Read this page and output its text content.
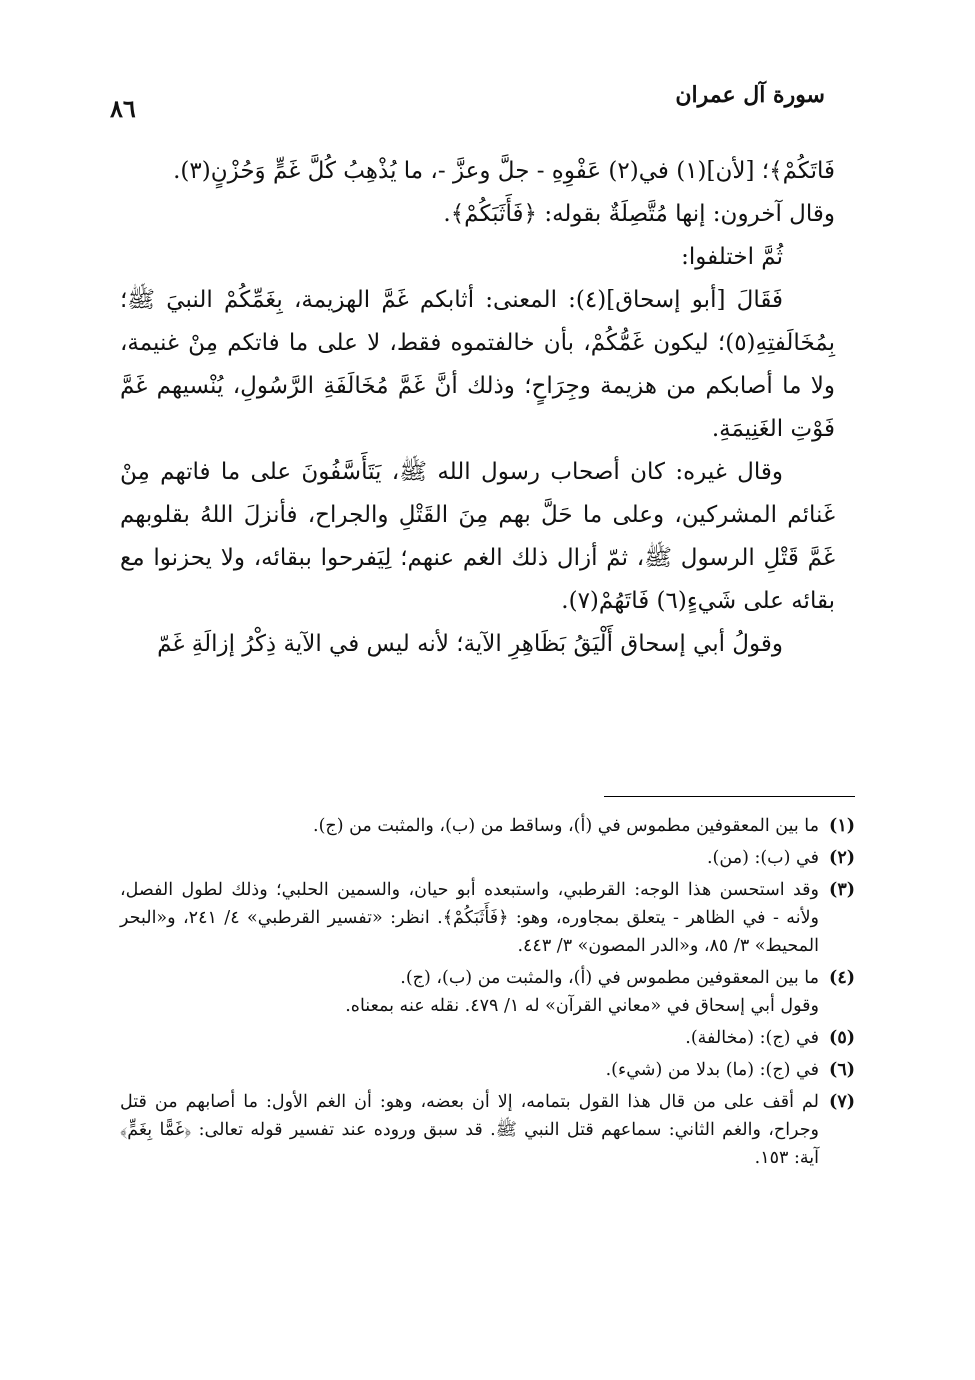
سورة آل عمران
٨٦

فَاتَكُمْ﴾؛ [لأن](١) في(٢) عَفْوِهِ - جلَّ وعزَّ -، ما يُذْهِبُ كُلَّ غَمٍّ وَحُزْنٍ(٣).

وقال آخرون: إنها مُتَّصِلَةٌ بقوله: ﴿فَأَثَبَكُمْ﴾.

ثُمَّ اختلفوا:

فَقَالَ [أبو إسحاق](٤): المعنى: أثابكم غَمَّ الهزيمة، بِغَمِّكُمْ النبيَ ﷺ؛ بِمُخَالَفتِهِ(٥)؛ ليكون غَمُّكُمْ، بأن خالفتموه فقط، لا على ما فاتكم مِنْ غنيمة، ولا ما أصابكم من هزيمة وجِرَاحٍ؛ وذلك أنَّ غَمَّ مُخَالَفَةِ الرَّسُولِ، يُنْسيهم غَمَّ فَوْتِ الغَنِيمَةِ.

وقال غيره: كان أصحاب رسول الله ﷺ، يَتَأَسَّفُونَ على ما فاتهم مِنْ غَنائم المشركين، وعلى ما حَلَّ بهم مِنَ القَتْلِ والجراح، فأنزلَ اللهُ بقلوبهم غَمَّ قَتْلِ الرسول ﷺ، ثمّ أزال ذلك الغم عنهم؛ لِيَفرحوا ببقائه، ولا يحزنوا مع بقائه على شَيءٍ(٦) فَاتَهُمْ(٧).

وقولُ أبي إسحاق أَلْيَقُ بَظَاهِرِ الآية؛ لأنه ليس في الآية ذِكْرُ إزالَةِ غَمّ

(١)
ما بين المعقوفين مطموس في (أ)، وساقط من (ب)، والمثبت من (ج).
(٢)
في (ب): (من).
(٣)
وقد استحسن هذا الوجه: القرطبي، واستبعده أبو حيان، والسمين الحلبي؛ وذلك لطول الفصل، ولأنه - في الظاهر - يتعلق بمجاوره، وهو: ﴿فَأَثَبَكُمْ﴾. انظر: «تفسير القرطبي» ٤/ ٢٤١، و«البحر المحيط» ٣/ ٨٥، و«الدر المصون» ٣/ ٤٤٣.
(٤)
ما بين المعقوفين مطموس في (أ)، والمثبت من (ب)، (ج).
وقول أبي إسحاق في «معاني القرآن» له ١/ ٤٧٩. نقله عنه بمعناه.
(٥)
في (ج): (مخالفة).
(٦)
في (ج): (ما) بدلا من (شيء).
(٧)
لم أقف على من قال هذا القول بتمامه، إلا أن بعضه، وهو: أن الغم الأول: ما أصابهم من قتل وجراح، والغم الثاني: سماعهم قتل النبي ﷺ. قد سبق وروده عند تفسير قوله تعالى: ﴿غَمًّا بِغَمٍّ﴾ آية: ١٥٣.
